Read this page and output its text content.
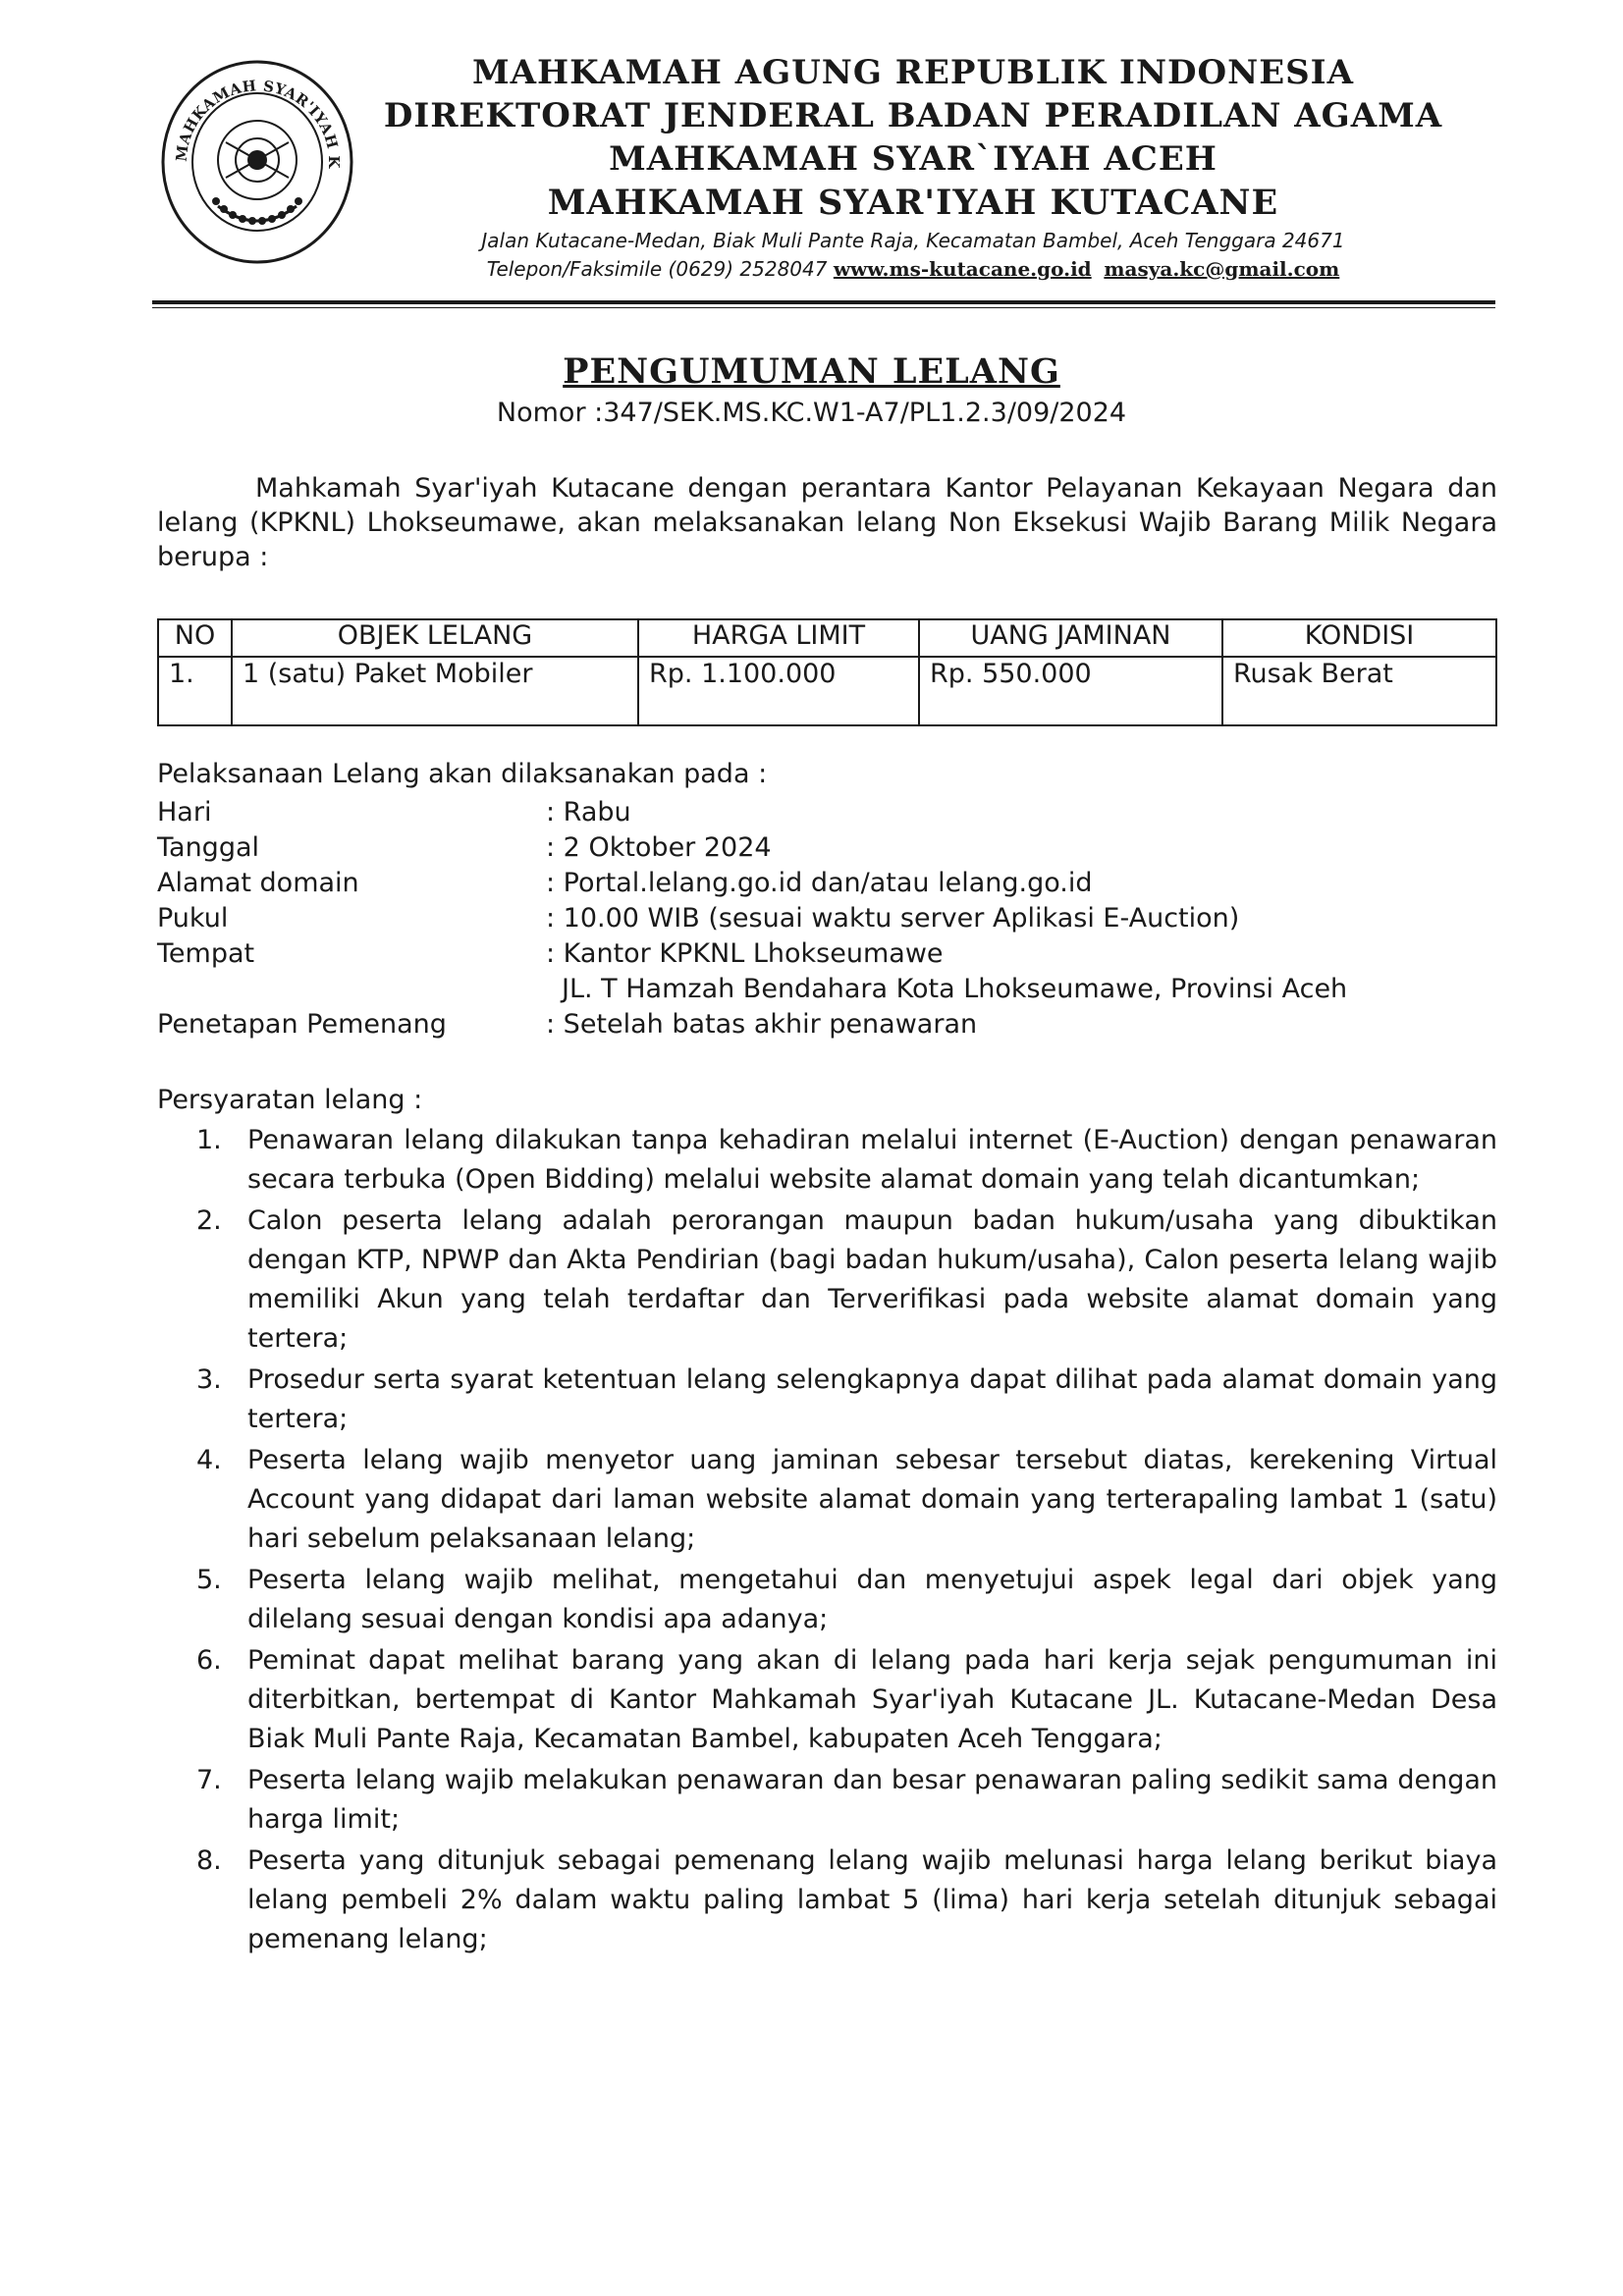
MAHKAMAH SYAR'IYAH K
MAHKAMAH AGUNG REPUBLIK INDONESIA
DIREKTORAT JENDERAL BADAN PERADILAN AGAMA
MAHKAMAH SYAR`IYAH ACEH
MAHKAMAH SYAR'IYAH KUTACANE
Jalan Kutacane-Medan, Biak Muli Pante Raja, Kecamatan Bambel, Aceh Tenggara 24671
Telepon/Faksimile (0629) 2528047 www.ms-kutacane.go.id masya.kc@gmail.com
PENGUMUMAN LELANG
Nomor :347/SEK.MS.KC.W1-A7/PL1.2.3/09/2024
Mahkamah Syar'iyah Kutacane dengan perantara Kantor Pelayanan Kekayaan Negara dan lelang (KPKNL) Lhokseumawe, akan melaksanakan lelang Non Eksekusi Wajib Barang Milik Negara berupa :
NO	OBJEK LELANG	HARGA LIMIT	UANG JAMINAN	KONDISI
1.	1 (satu) Paket Mobiler	Rp. 1.100.000	Rp. 550.000	Rusak Berat
Pelaksanaan Lelang akan dilaksanakan pada :
Hari	: Rabu
Tanggal	: 2 Oktober 2024
Alamat domain	: Portal.lelang.go.id dan/atau lelang.go.id
Pukul	: 10.00 WIB (sesuai waktu server Aplikasi E-Auction)
Tempat	: Kantor KPKNL Lhokseumawe
JL. T Hamzah Bendahara Kota Lhokseumawe, Provinsi Aceh
Penetapan Pemenang	: Setelah batas akhir penawaran
Persyaratan lelang :
1. Penawaran lelang dilakukan tanpa kehadiran melalui internet (E-Auction) dengan penawaran secara terbuka (Open Bidding) melalui website alamat domain yang telah dicantumkan;
2. Calon peserta lelang adalah perorangan maupun badan hukum/usaha yang dibuktikan dengan KTP, NPWP dan Akta Pendirian (bagi badan hukum/usaha), Calon peserta lelang wajib memiliki Akun yang telah terdaftar dan Terverifikasi pada website alamat domain yang tertera;
3. Prosedur serta syarat ketentuan lelang selengkapnya dapat dilihat pada alamat domain yang tertera;
4. Peserta lelang wajib menyetor uang jaminan sebesar tersebut diatas, kerekening Virtual Account yang didapat dari laman website alamat domain yang terterapaling lambat 1 (satu) hari sebelum pelaksanaan lelang;
5. Peserta lelang wajib melihat, mengetahui dan menyetujui aspek legal dari objek yang dilelang sesuai dengan kondisi apa adanya;
6. Peminat dapat melihat barang yang akan di lelang pada hari kerja sejak pengumuman ini diterbitkan, bertempat di Kantor Mahkamah Syar'iyah Kutacane JL. Kutacane-Medan Desa Biak Muli Pante Raja, Kecamatan Bambel, kabupaten Aceh Tenggara;
7. Peserta lelang wajib melakukan penawaran dan besar penawaran paling sedikit sama dengan harga limit;
8. Peserta yang ditunjuk sebagai pemenang lelang wajib melunasi harga lelang berikut biaya lelang pembeli 2% dalam waktu paling lambat 5 (lima) hari kerja setelah ditunjuk sebagai pemenang lelang;
